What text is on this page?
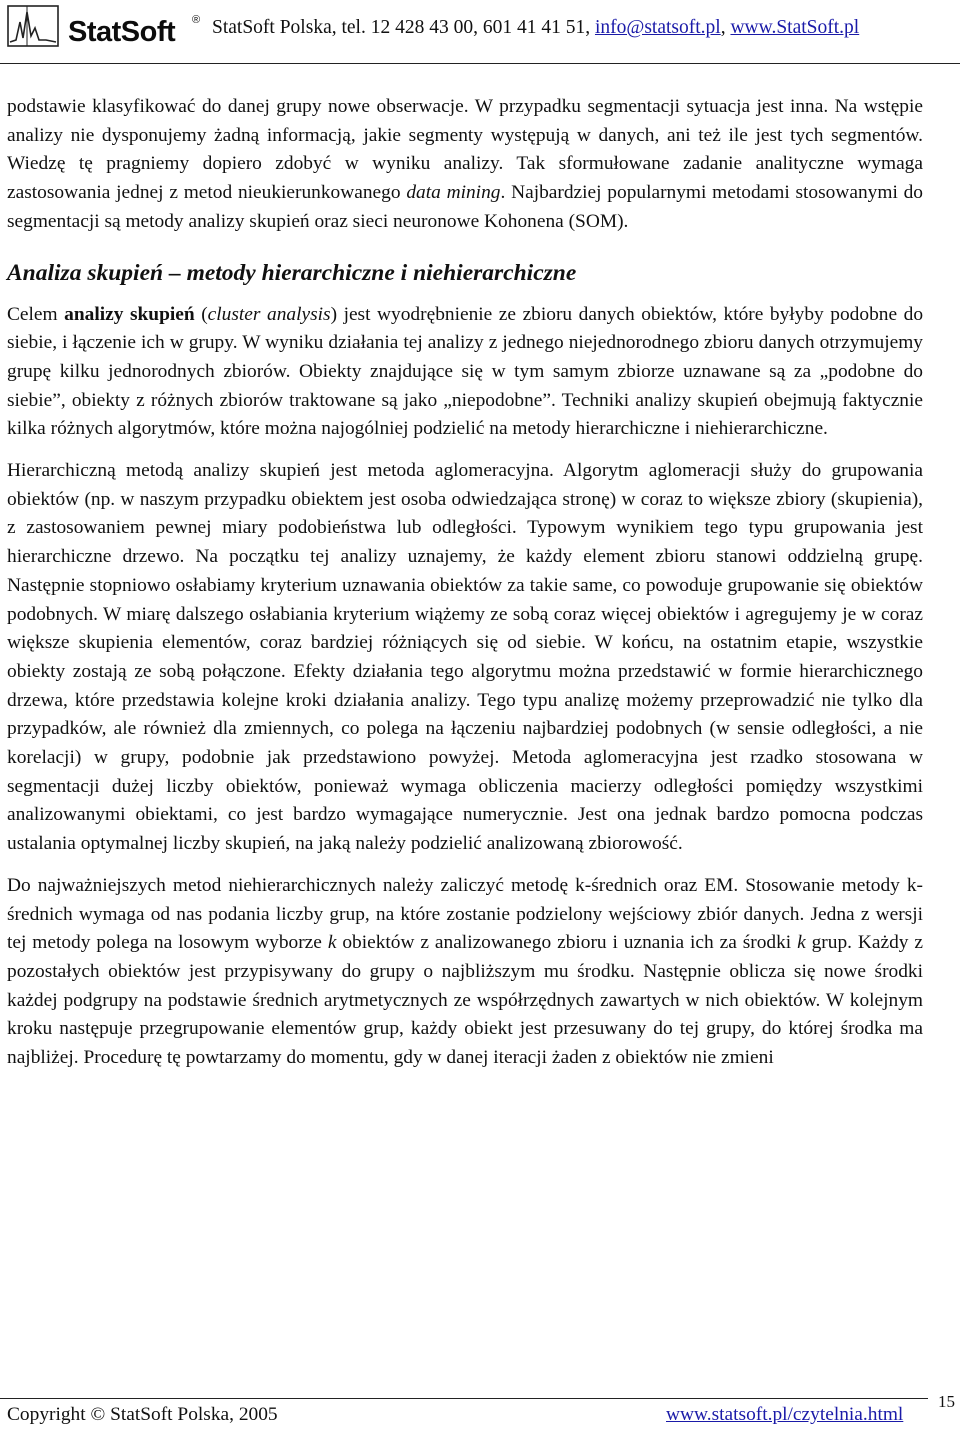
StatSoft ® StatSoft Polska, tel. 12 428 43 00, 601 41 41 51, info@statsoft.pl, www.StatSoft.pl

podstawie klasyfikować do danej grupy nowe obserwacje. W przypadku segmentacji sytuacja jest inna. Na wstępie analizy nie dysponujemy żadną informacją, jakie segmenty występują w danych, ani też ile jest tych segmentów. Wiedzę tę pragniemy dopiero zdobyć w wyniku analizy. Tak sformułowane zadanie analityczne wymaga zastosowania jednej z metod nieukierunkowanego data mining. Najbardziej popularnymi metodami stosowanymi do segmentacji są metody analizy skupień oraz sieci neuronowe Kohonena (SOM).

Analiza skupień – metody hierarchiczne i niehierarchiczne

Celem analizy skupień (cluster analysis) jest wyodrębnienie ze zbioru danych obiektów, które byłyby podobne do siebie, i łączenie ich w grupy. W wyniku działania tej analizy z jednego niejednorodnego zbioru danych otrzymujemy grupę kilku jednorodnych zbiorów. Obiekty znajdujące się w tym samym zbiorze uznawane są za „podobne do siebie”, obiekty z różnych zbiorów traktowane są jako „niepodobne”. Techniki analizy skupień obejmują faktycznie kilka różnych algorytmów, które można najogólniej podzielić na metody hierarchiczne i niehierarchiczne.

Hierarchiczną metodą analizy skupień jest metoda aglomeracyjna. Algorytm aglomeracji służy do grupowania obiektów (np. w naszym przypadku obiektem jest osoba odwiedzająca stronę) w coraz to większe zbiory (skupienia), z zastosowaniem pewnej miary podobieństwa lub odległości. Typowym wynikiem tego typu grupowania jest hierarchiczne drzewo. Na początku tej analizy uznajemy, że każdy element zbioru stanowi oddzielną grupę. Następnie stopniowo osłabiamy kryterium uznawania obiektów za takie same, co powoduje grupowanie się obiektów podobnych. W miarę dalszego osłabiania kryterium wiążemy ze sobą coraz więcej obiektów i agregujemy je w coraz większe skupienia elementów, coraz bardziej różniących się od siebie. W końcu, na ostatnim etapie, wszystkie obiekty zostają ze sobą połączone. Efekty działania tego algorytmu można przedstawić w formie hierarchicznego drzewa, które przedstawia kolejne kroki działania analizy. Tego typu analizę możemy przeprowadzić nie tylko dla przypadków, ale również dla zmiennych, co polega na łączeniu najbardziej podobnych (w sensie odległości, a nie korelacji) w grupy, podobnie jak przedstawiono powyżej. Metoda aglomeracyjna jest rzadko stosowana w segmentacji dużej liczby obiektów, ponieważ wymaga obliczenia macierzy odległości pomiędzy wszystkimi analizowanymi obiektami, co jest bardzo wymagające numerycznie. Jest ona jednak bardzo pomocna podczas ustalania optymalnej liczby skupień, na jaką należy podzielić analizowaną zbiorowość.

Do najważniejszych metod niehierarchicznych należy zaliczyć metodę k-średnich oraz EM. Stosowanie metody k-średnich wymaga od nas podania liczby grup, na które zostanie podzielony wejściowy zbiór danych. Jedna z wersji tej metody polega na losowym wyborze k obiektów z analizowanego zbioru i uznania ich za środki k grup. Każdy z pozostałych obiektów jest przypisywany do grupy o najbliższym mu środku. Następnie oblicza się nowe środki każdej podgrupy na podstawie średnich arytmetycznych ze współrzędnych zawartych w nich obiektów. W kolejnym kroku następuje przegrupowanie elementów grup, każdy obiekt jest przesuwany do tej grupy, do której środka ma najbliżej. Procedurę tę powtarzamy do momentu, gdy w danej iteracji żaden z obiektów nie zmieni

Copyright © StatSoft Polska, 2005	www.statsoft.pl/czytelnia.html
15
